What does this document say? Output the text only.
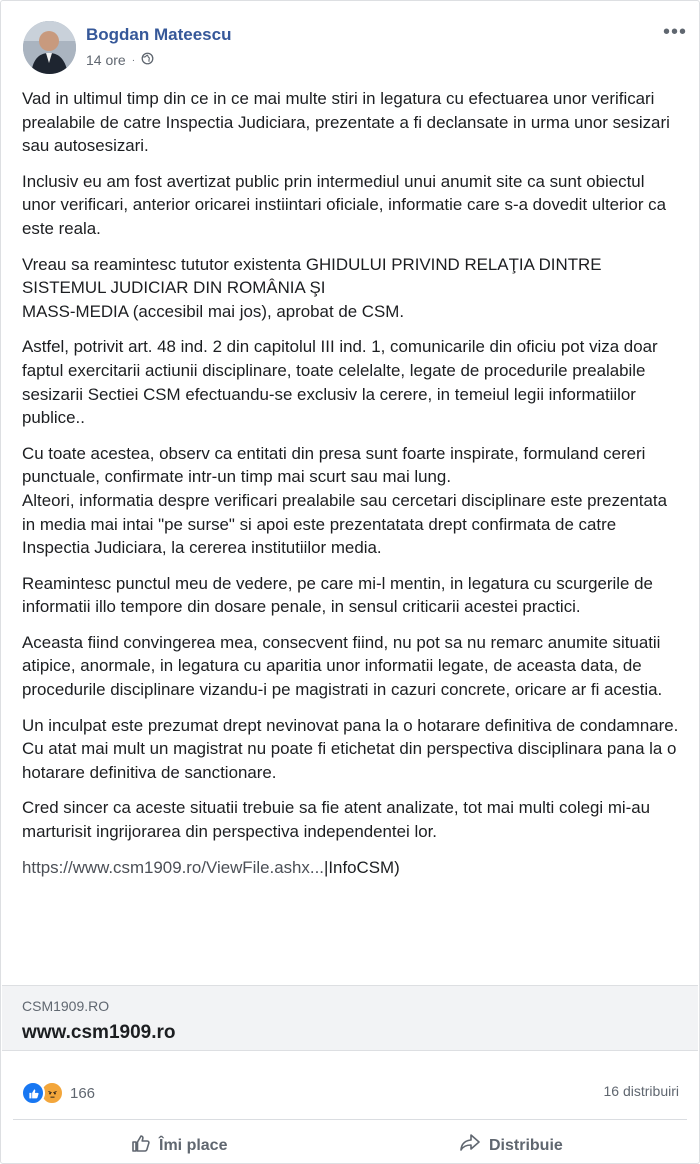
Bogdan Mateescu
14 ore ·
•••

Vad in ultimul timp din ce in ce mai multe stiri in legatura cu efectuarea unor verificari prealabile de catre Inspectia Judiciara, prezentate a fi declansate in urma unor sesizari sau autosesizari.

Inclusiv eu am fost avertizat public prin intermediul unui anumit site ca sunt obiectul unor verificari, anterior oricarei instiintari oficiale, informatie care s-a dovedit ulterior ca este reala.

Vreau sa reamintesc tututor existenta GHIDULUI PRIVIND RELAŢIA DINTRE SISTEMUL JUDICIAR DIN ROMÂNIA ŞI
MASS-MEDIA (accesibil mai jos), aprobat de CSM.

Astfel, potrivit art. 48 ind. 2 din capitolul III ind. 1, comunicarile din oficiu pot viza doar faptul exercitarii actiunii disciplinare, toate celelalte, legate de procedurile prealabile sesizarii Sectiei CSM efectuandu-se exclusiv la cerere, in temeiul legii informatiilor publice..

Cu toate acestea, observ ca entitati din presa sunt foarte inspirate, formuland cereri punctuale, confirmate intr-un timp mai scurt sau mai lung.
Alteori, informatia despre verificari prealabile sau cercetari disciplinare este prezentata in media mai intai "pe surse" si apoi este prezentatata drept confirmata de catre Inspectia Judiciara, la cererea institutiilor media.

Reamintesc punctul meu de vedere, pe care mi-l mentin, in legatura cu scurgerile de informatii illo tempore din dosare penale, in sensul criticarii acestei practici.

Aceasta fiind convingerea mea, consecvent fiind, nu pot sa nu remarc anumite situatii atipice, anormale, in legatura cu aparitia unor informatii legate, de aceasta data, de procedurile disciplinare vizandu-i pe magistrati in cazuri concrete, oricare ar fi acestia.

Un inculpat este prezumat drept nevinovat pana la o hotarare definitiva de condamnare.
Cu atat mai mult un magistrat nu poate fi etichetat din perspectiva disciplinara pana la o hotarare definitiva de sanctionare.

Cred sincer ca aceste situatii trebuie sa fie atent analizate, tot mai multi colegi mi-au marturisit ingrijorarea din perspectiva independentei lor.

https://www.csm1909.ro/ViewFile.ashx...|InfoCSM)

CSM1909.RO
www.csm1909.ro
166	16 distribuiri
Îmi place	Distribuie
